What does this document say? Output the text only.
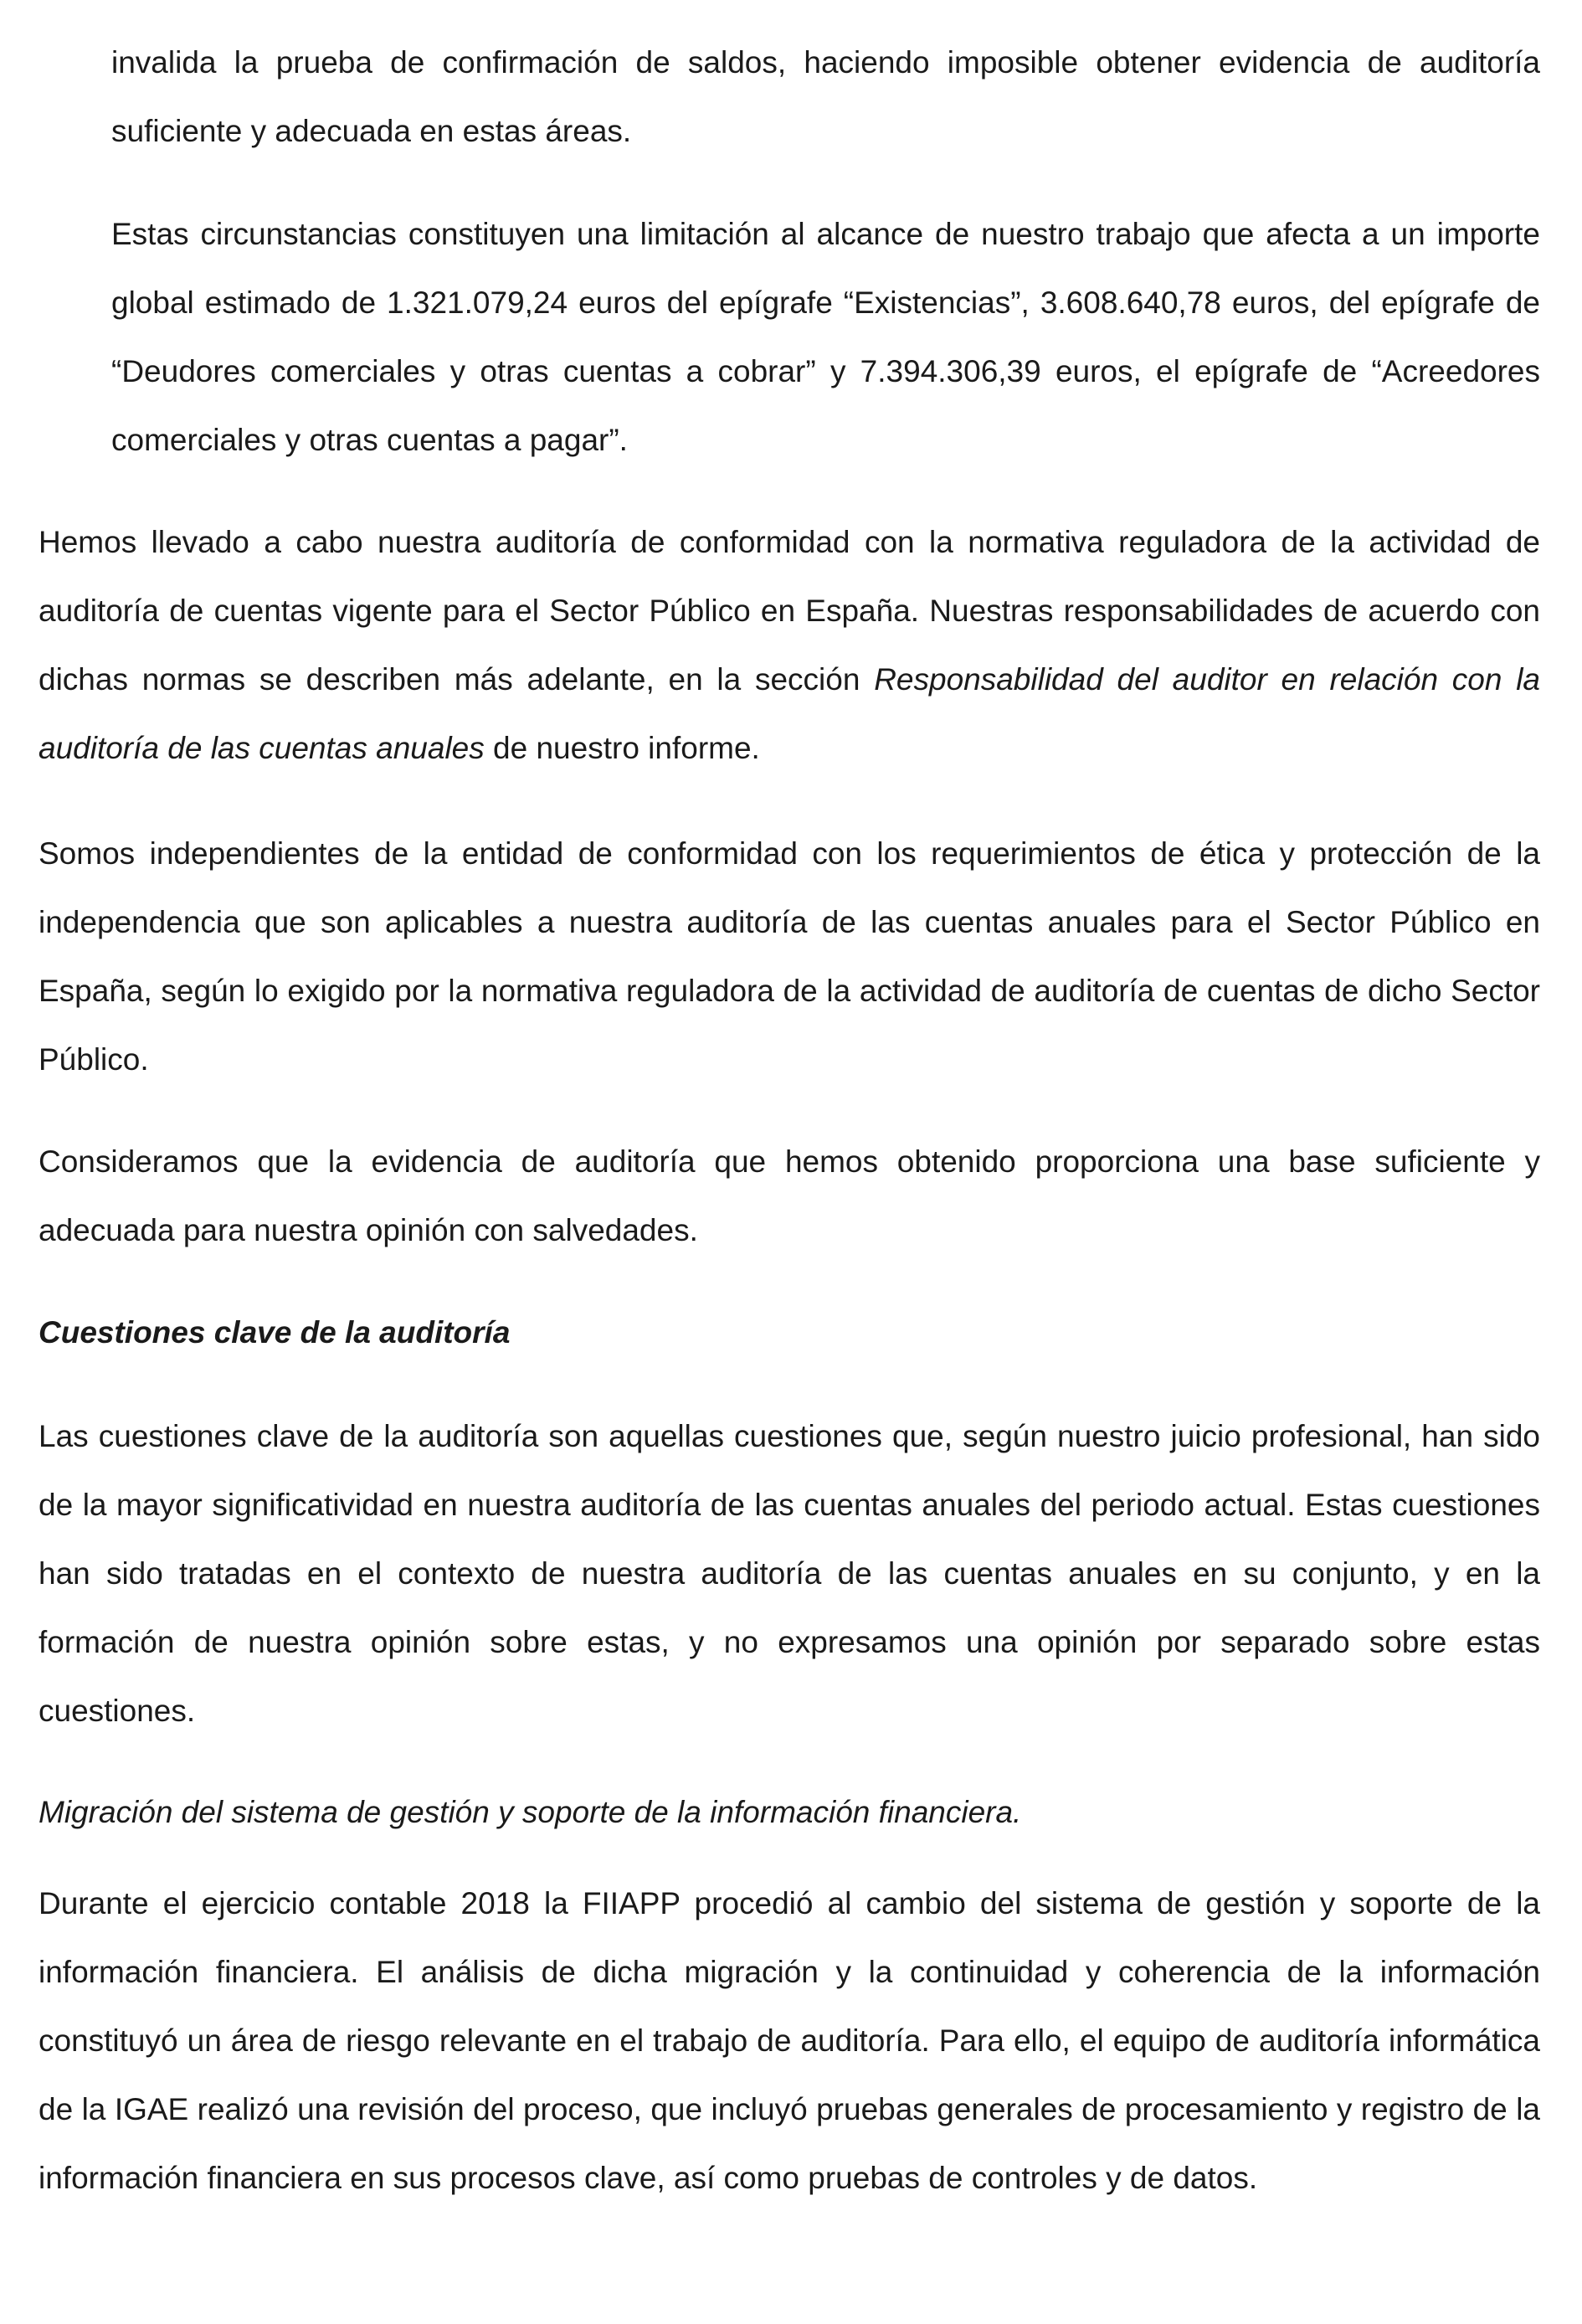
invalida la prueba de confirmación de saldos, haciendo imposible obtener evidencia de auditoría suficiente y adecuada en estas áreas.

Estas circunstancias constituyen una limitación al alcance de nuestro trabajo que afecta a un importe global estimado de 1.321.079,24 euros del epígrafe “Existencias”, 3.608.640,78 euros, del epígrafe de “Deudores comerciales y otras cuentas a cobrar” y 7.394.306,39 euros, el epígrafe de “Acreedores comerciales y otras cuentas a pagar”.

Hemos llevado a cabo nuestra auditoría de conformidad con la normativa reguladora de la actividad de auditoría de cuentas vigente para el Sector Público en España. Nuestras responsabilidades de acuerdo con dichas normas se describen más adelante, en la sección Responsabilidad del auditor en relación con la auditoría de las cuentas anuales de nuestro informe.

Somos independientes de la entidad de conformidad con los requerimientos de ética y protección de la independencia que son aplicables a nuestra auditoría de las cuentas anuales para el Sector Público en España, según lo exigido por la normativa reguladora de la actividad de auditoría de cuentas de dicho Sector Público.

Consideramos que la evidencia de auditoría que hemos obtenido proporciona una base suficiente y adecuada para nuestra opinión con salvedades.

Cuestiones clave de la auditoría

Las cuestiones clave de la auditoría son aquellas cuestiones que, según nuestro juicio profesional, han sido de la mayor significatividad en nuestra auditoría de las cuentas anuales del periodo actual. Estas cuestiones han sido tratadas en el contexto de nuestra auditoría de las cuentas anuales en su conjunto, y en la formación de nuestra opinión sobre estas, y no expresamos una opinión por separado sobre estas cuestiones.

Migración del sistema de gestión y soporte de la información financiera.

Durante el ejercicio contable 2018 la FIIAPP procedió al cambio del sistema de gestión y soporte de la información financiera. El análisis de dicha migración y la continuidad y coherencia de la información constituyó un área de riesgo relevante en el trabajo de auditoría. Para ello, el equipo de auditoría informática de la IGAE realizó una revisión del proceso, que incluyó pruebas generales de procesamiento y registro de la información financiera en sus procesos clave, así como pruebas de controles y de datos.
